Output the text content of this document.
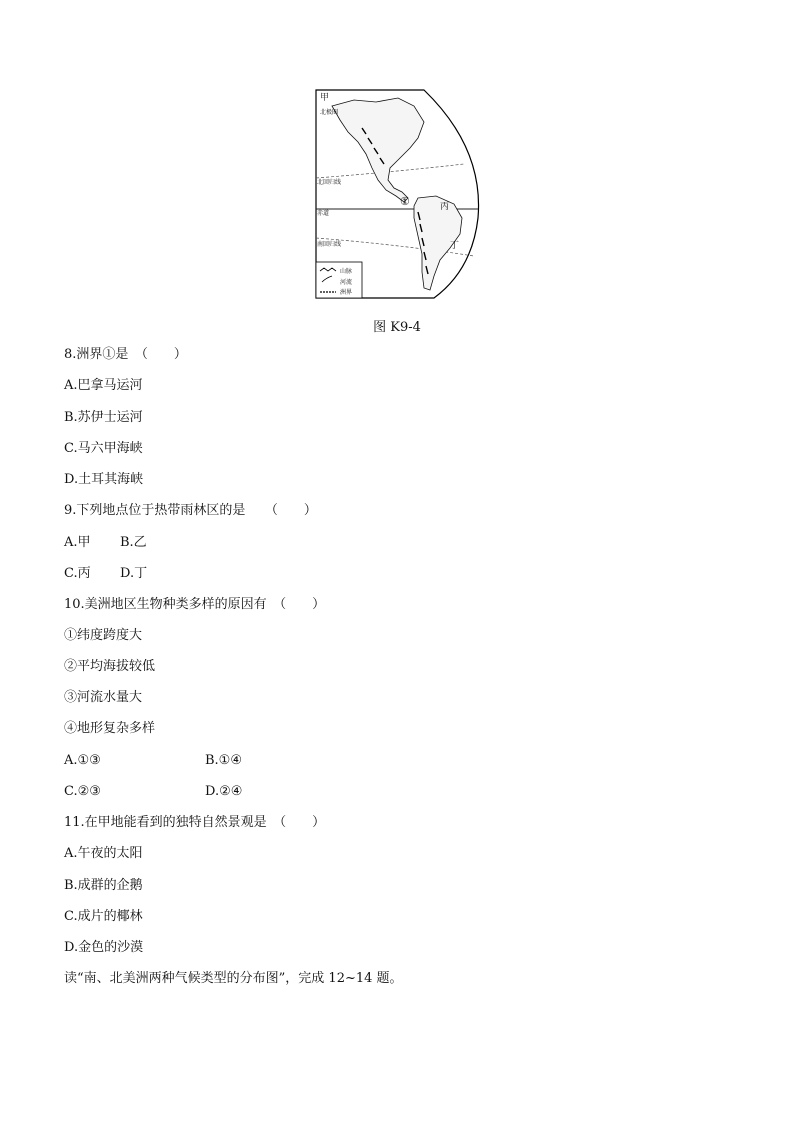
甲
北极圈
北回归线
赤道
南回归线
①	丙
丁
山脉
河流
洲界
图 K9-4
8.洲界①是　（　　）
A.巴拿马运河
B.苏伊士运河
C.马六甲海峡
D.土耳其海峡
9.下列地点位于热带雨林区的是　　（　　）
A.甲 B.乙
C.丙 D.丁
10.美洲地区生物种类多样的原因有　（　　）
①纬度跨度大
②平均海拔较低
③河流水量大
④地形复杂多样
A.①③	B.①④
C.②③	D.②④
11.在甲地能看到的独特自然景观是　（　　）
A.午夜的太阳
B.成群的企鹅
C.成片的椰林
D.金色的沙漠
读“南、北美洲两种气候类型的分布图”，完成 12~14 题。
